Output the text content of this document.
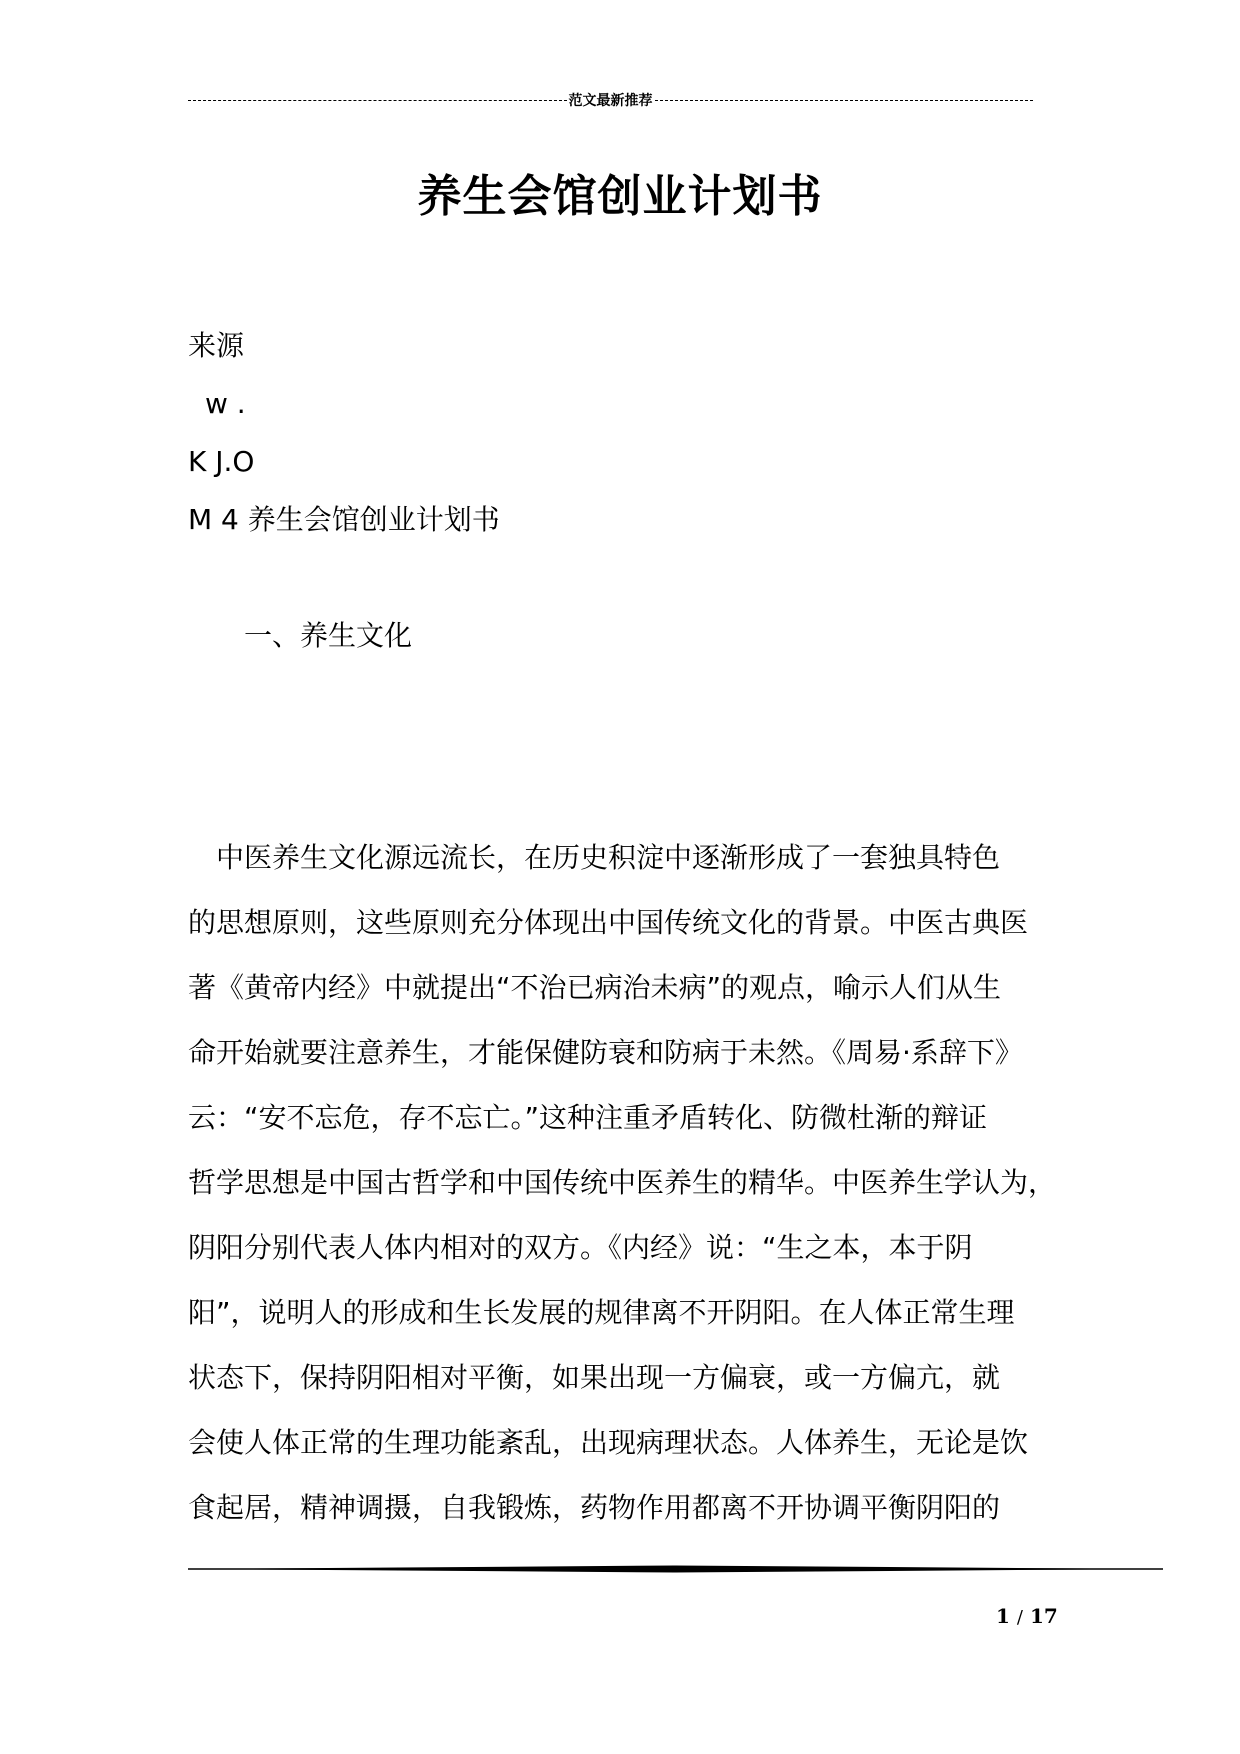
范文最新推荐
养生会馆创业计划书

来源

w .

K J.O

M 4 养生会馆创业计划书

一、养生文化

中医养生文化源远流长，在历史积淀中逐渐形成了一套独具特色
的思想原则，这些原则充分体现出中国传统文化的背景。中医古典医
著《黄帝内经》中就提出“不治已病治未病”的观点，喻示人们从生
命开始就要注意养生，才能保健防衰和防病于未然。《周易·系辞下》
云：“安不忘危，存不忘亡。”这种注重矛盾转化、防微杜渐的辩证
哲学思想是中国古哲学和中国传统中医养生的精华。中医养生学认为，
阴阳分别代表人体内相对的双方。《内经》说：“生之本，本于阴
阳”，说明人的形成和生长发展的规律离不开阴阳。在人体正常生理
状态下，保持阴阳相对平衡，如果出现一方偏衰，或一方偏亢，就
会使人体正常的生理功能紊乱，出现病理状态。人体养生，无论是饮
食起居，精神调摄，自我锻炼，药物作用都离不开协调平衡阴阳的
1 / 17
